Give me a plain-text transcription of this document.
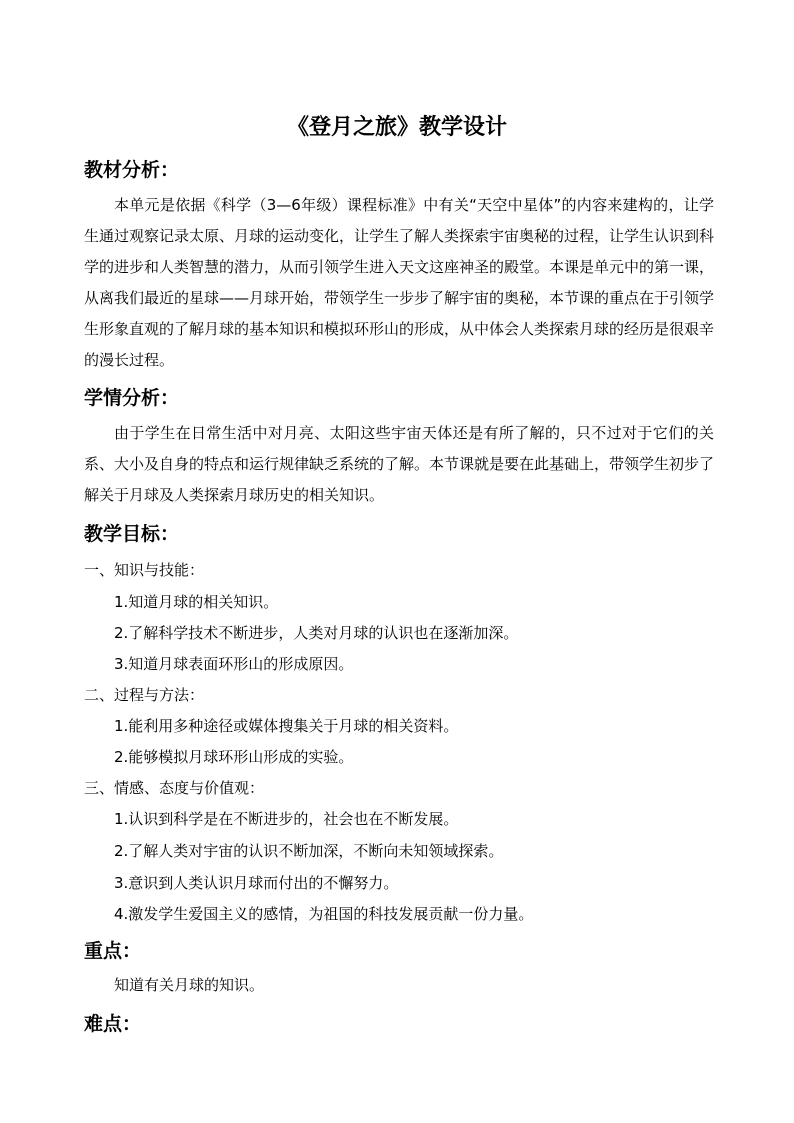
《登月之旅》教学设计
教材分析：
本单元是依据《科学（3—6年级）课程标准》中有关“天空中星体”的内容来建构的，让学生通过观察记录太原、月球的运动变化，让学生了解人类探索宇宙奥秘的过程，让学生认识到科学的进步和人类智慧的潜力，从而引领学生进入天文这座神圣的殿堂。本课是单元中的第一课，从离我们最近的星球——月球开始，带领学生一步步了解宇宙的奥秘，本节课的重点在于引领学生形象直观的了解月球的基本知识和模拟环形山的形成，从中体会人类探索月球的经历是很艰辛的漫长过程。
学情分析：
由于学生在日常生活中对月亮、太阳这些宇宙天体还是有所了解的，只不过对于它们的关系、大小及自身的特点和运行规律缺乏系统的了解。本节课就是要在此基础上，带领学生初步了解关于月球及人类探索月球历史的相关知识。
教学目标：
一、知识与技能：
1.知道月球的相关知识。
2.了解科学技术不断进步，人类对月球的认识也在逐渐加深。
3.知道月球表面环形山的形成原因。
二、过程与方法：
1.能利用多种途径或媒体搜集关于月球的相关资料。
2.能够模拟月球环形山形成的实验。
三、情感、态度与价值观：
1.认识到科学是在不断进步的，社会也在不断发展。
2.了解人类对宇宙的认识不断加深，不断向未知领域探索。
3.意识到人类认识月球而付出的不懈努力。
4.激发学生爱国主义的感情，为祖国的科技发展贡献一份力量。
重点：
知道有关月球的知识。
难点：
